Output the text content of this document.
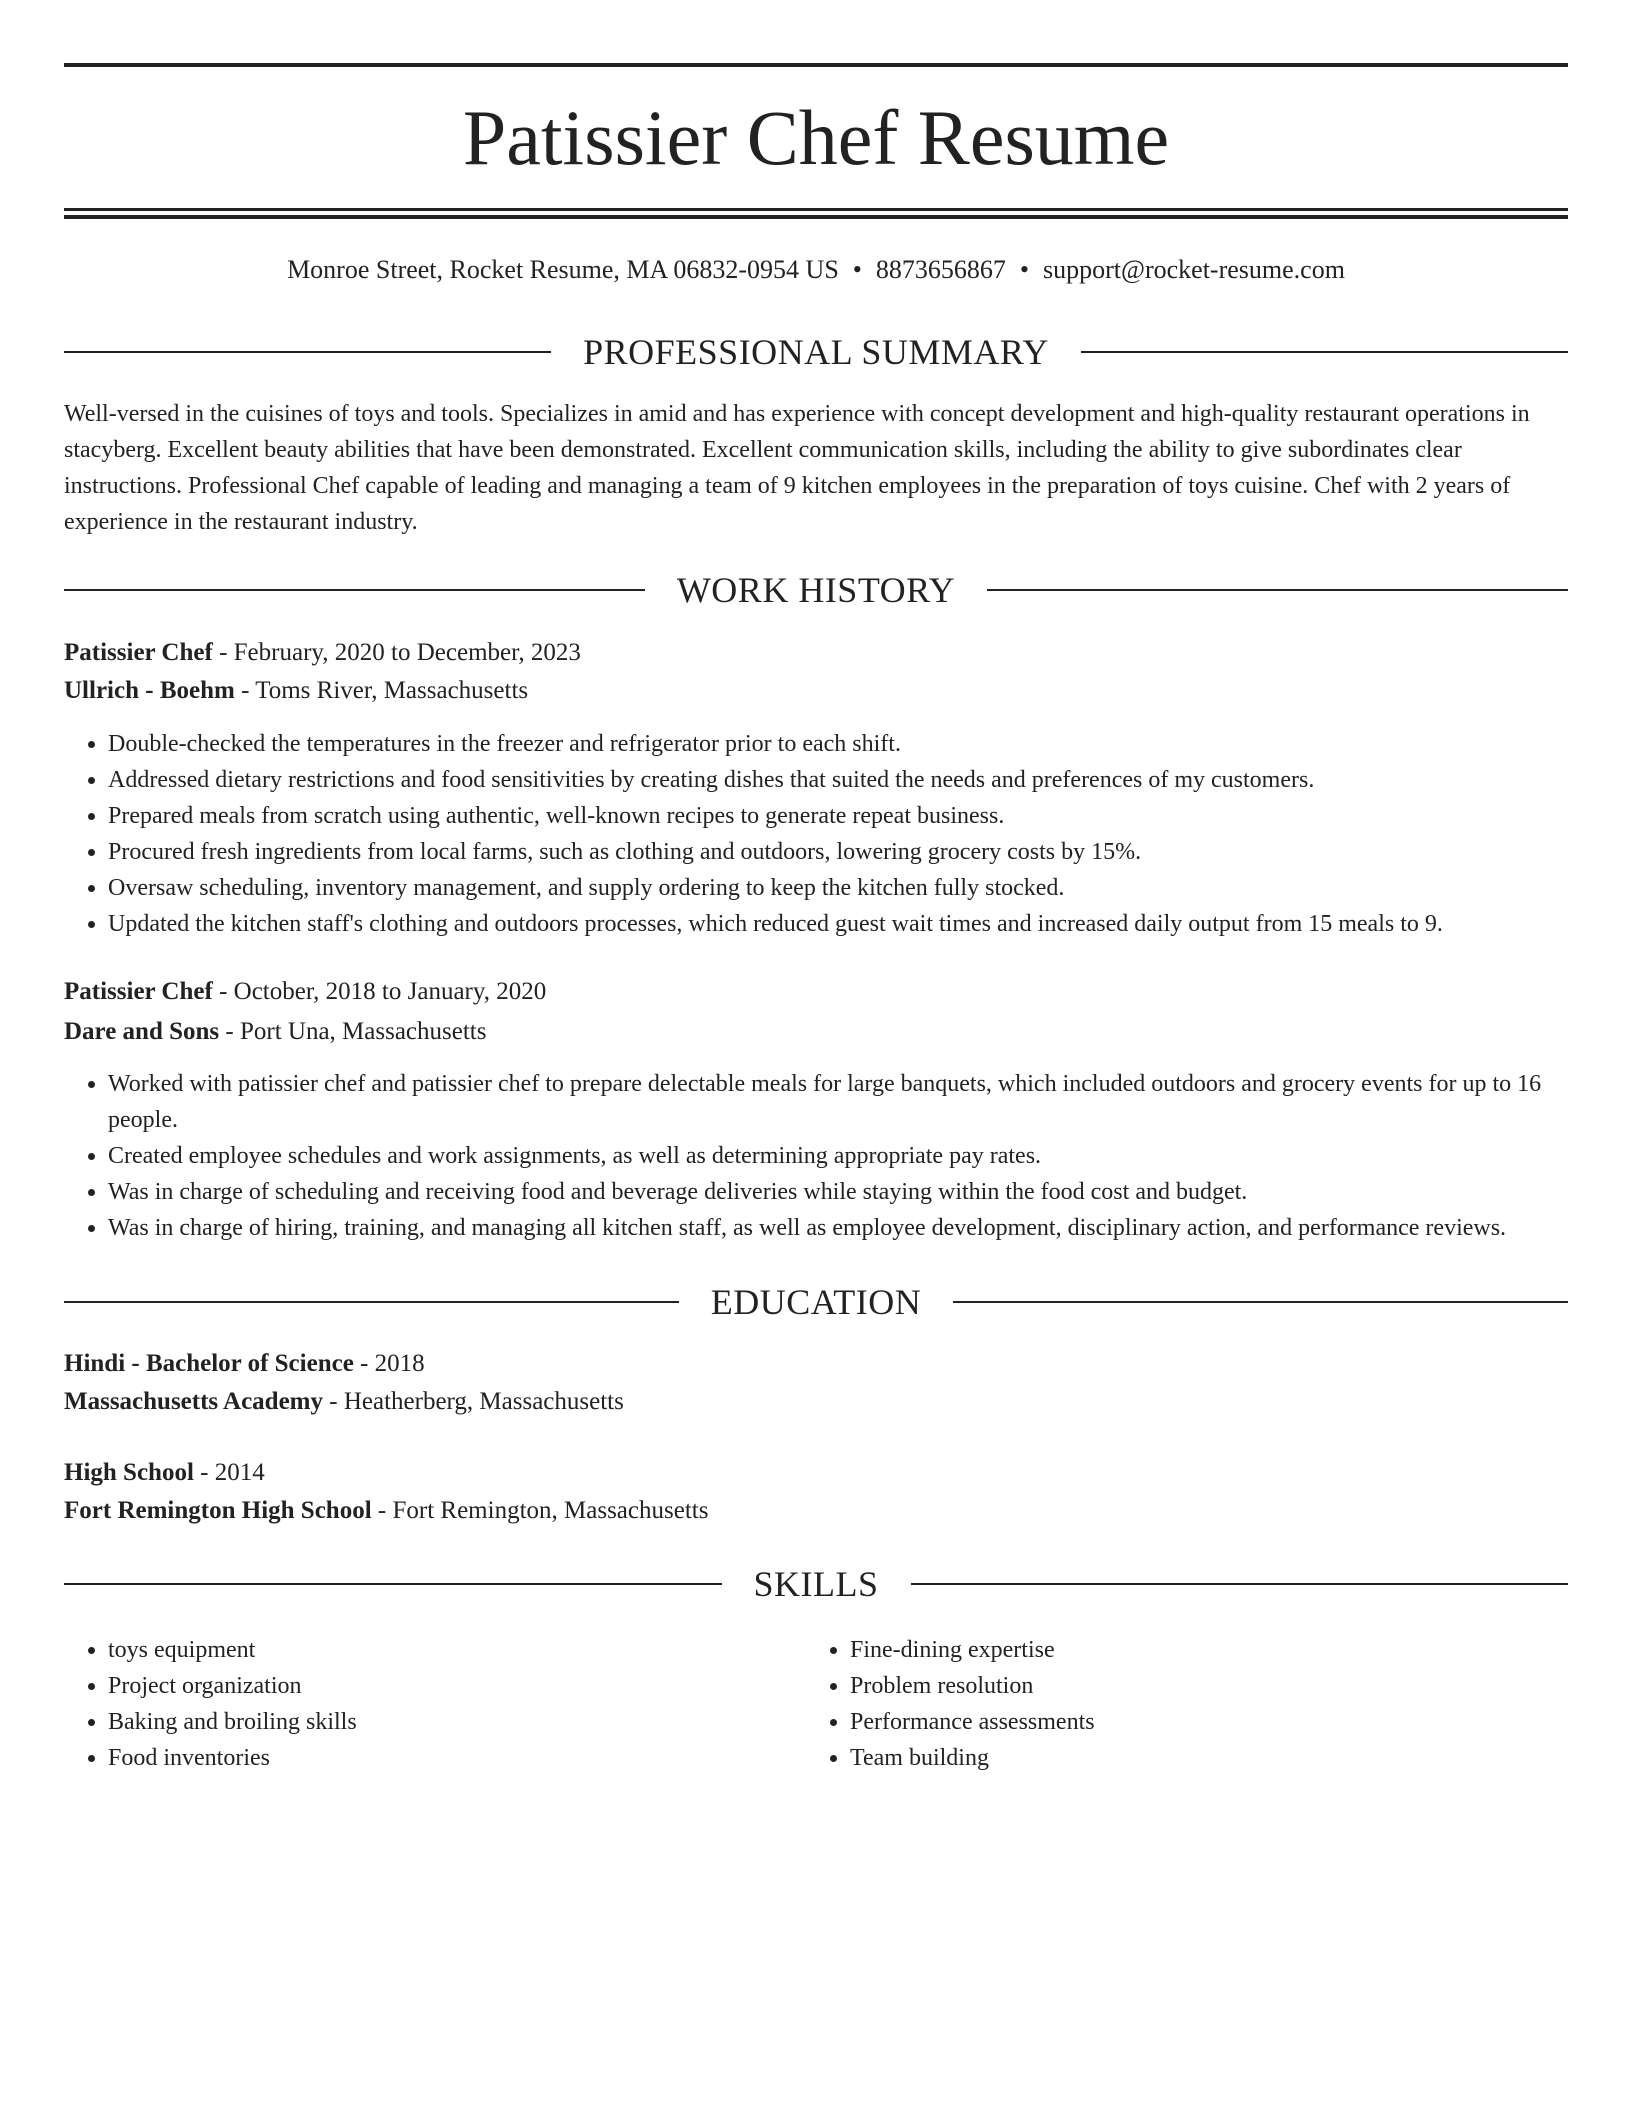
Patissier Chef Resume
Monroe Street, Rocket Resume, MA 06832-0954 US • 8873656867 • support@rocket-resume.com
PROFESSIONAL SUMMARY
Well-versed in the cuisines of toys and tools. Specializes in amid and has experience with concept development and high-quality restaurant operations in stacyberg. Excellent beauty abilities that have been demonstrated. Excellent communication skills, including the ability to give subordinates clear instructions. Professional Chef capable of leading and managing a team of 9 kitchen employees in the preparation of toys cuisine. Chef with 2 years of experience in the restaurant industry.
WORK HISTORY
Patissier Chef - February, 2020 to December, 2023
Ullrich - Boehm - Toms River, Massachusetts
• Double-checked the temperatures in the freezer and refrigerator prior to each shift.
• Addressed dietary restrictions and food sensitivities by creating dishes that suited the needs and preferences of my customers.
• Prepared meals from scratch using authentic, well-known recipes to generate repeat business.
• Procured fresh ingredients from local farms, such as clothing and outdoors, lowering grocery costs by 15%.
• Oversaw scheduling, inventory management, and supply ordering to keep the kitchen fully stocked.
• Updated the kitchen staff's clothing and outdoors processes, which reduced guest wait times and increased daily output from 15 meals to 9.
Patissier Chef - October, 2018 to January, 2020
Dare and Sons - Port Una, Massachusetts
• Worked with patissier chef and patissier chef to prepare delectable meals for large banquets, which included outdoors and grocery events for up to 16 people.
• Created employee schedules and work assignments, as well as determining appropriate pay rates.
• Was in charge of scheduling and receiving food and beverage deliveries while staying within the food cost and budget.
• Was in charge of hiring, training, and managing all kitchen staff, as well as employee development, disciplinary action, and performance reviews.
EDUCATION
Hindi - Bachelor of Science - 2018
Massachusetts Academy - Heatherberg, Massachusetts
High School - 2014
Fort Remington High School - Fort Remington, Massachusetts
SKILLS
• toys equipment
• Project organization
• Baking and broiling skills
• Food inventories
• Fine-dining expertise
• Problem resolution
• Performance assessments
• Team building
